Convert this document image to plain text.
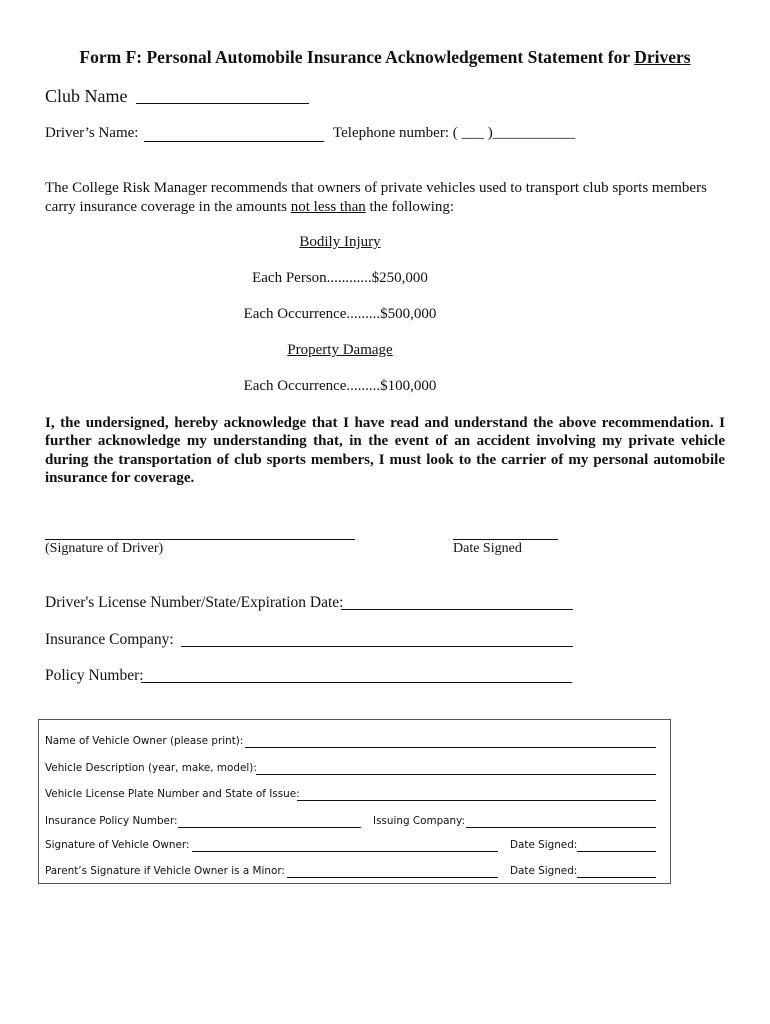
Form F: Personal Automobile Insurance Acknowledgement Statement for Drivers
Club Name
Driver’s Name:	Telephone number: ( ___ )___________
The College Risk Manager recommends that owners of private vehicles used to transport club sports members carry insurance coverage in the amounts not less than the following:
Bodily Injury
Each Person............$250,000
Each Occurrence.........$500,000
Property Damage
Each Occurrence.........$100,000
I, the undersigned, hereby acknowledge that I have read and understand the above recommendation. I further acknowledge my understanding that, in the event of an accident involving my private vehicle during the transportation of club sports members, I must look to the carrier of my personal automobile insurance for coverage.
(Signature of Driver)	Date Signed
Driver's License Number/State/Expiration Date:
Insurance Company:
Policy Number:
Name of Vehicle Owner (please print):
Vehicle Description (year, make, model):
Vehicle License Plate Number and State of Issue:
Insurance Policy Number:	Issuing Company:
Signature of Vehicle Owner:	Date Signed:
Parent’s Signature if Vehicle Owner is a Minor:	Date Signed:
